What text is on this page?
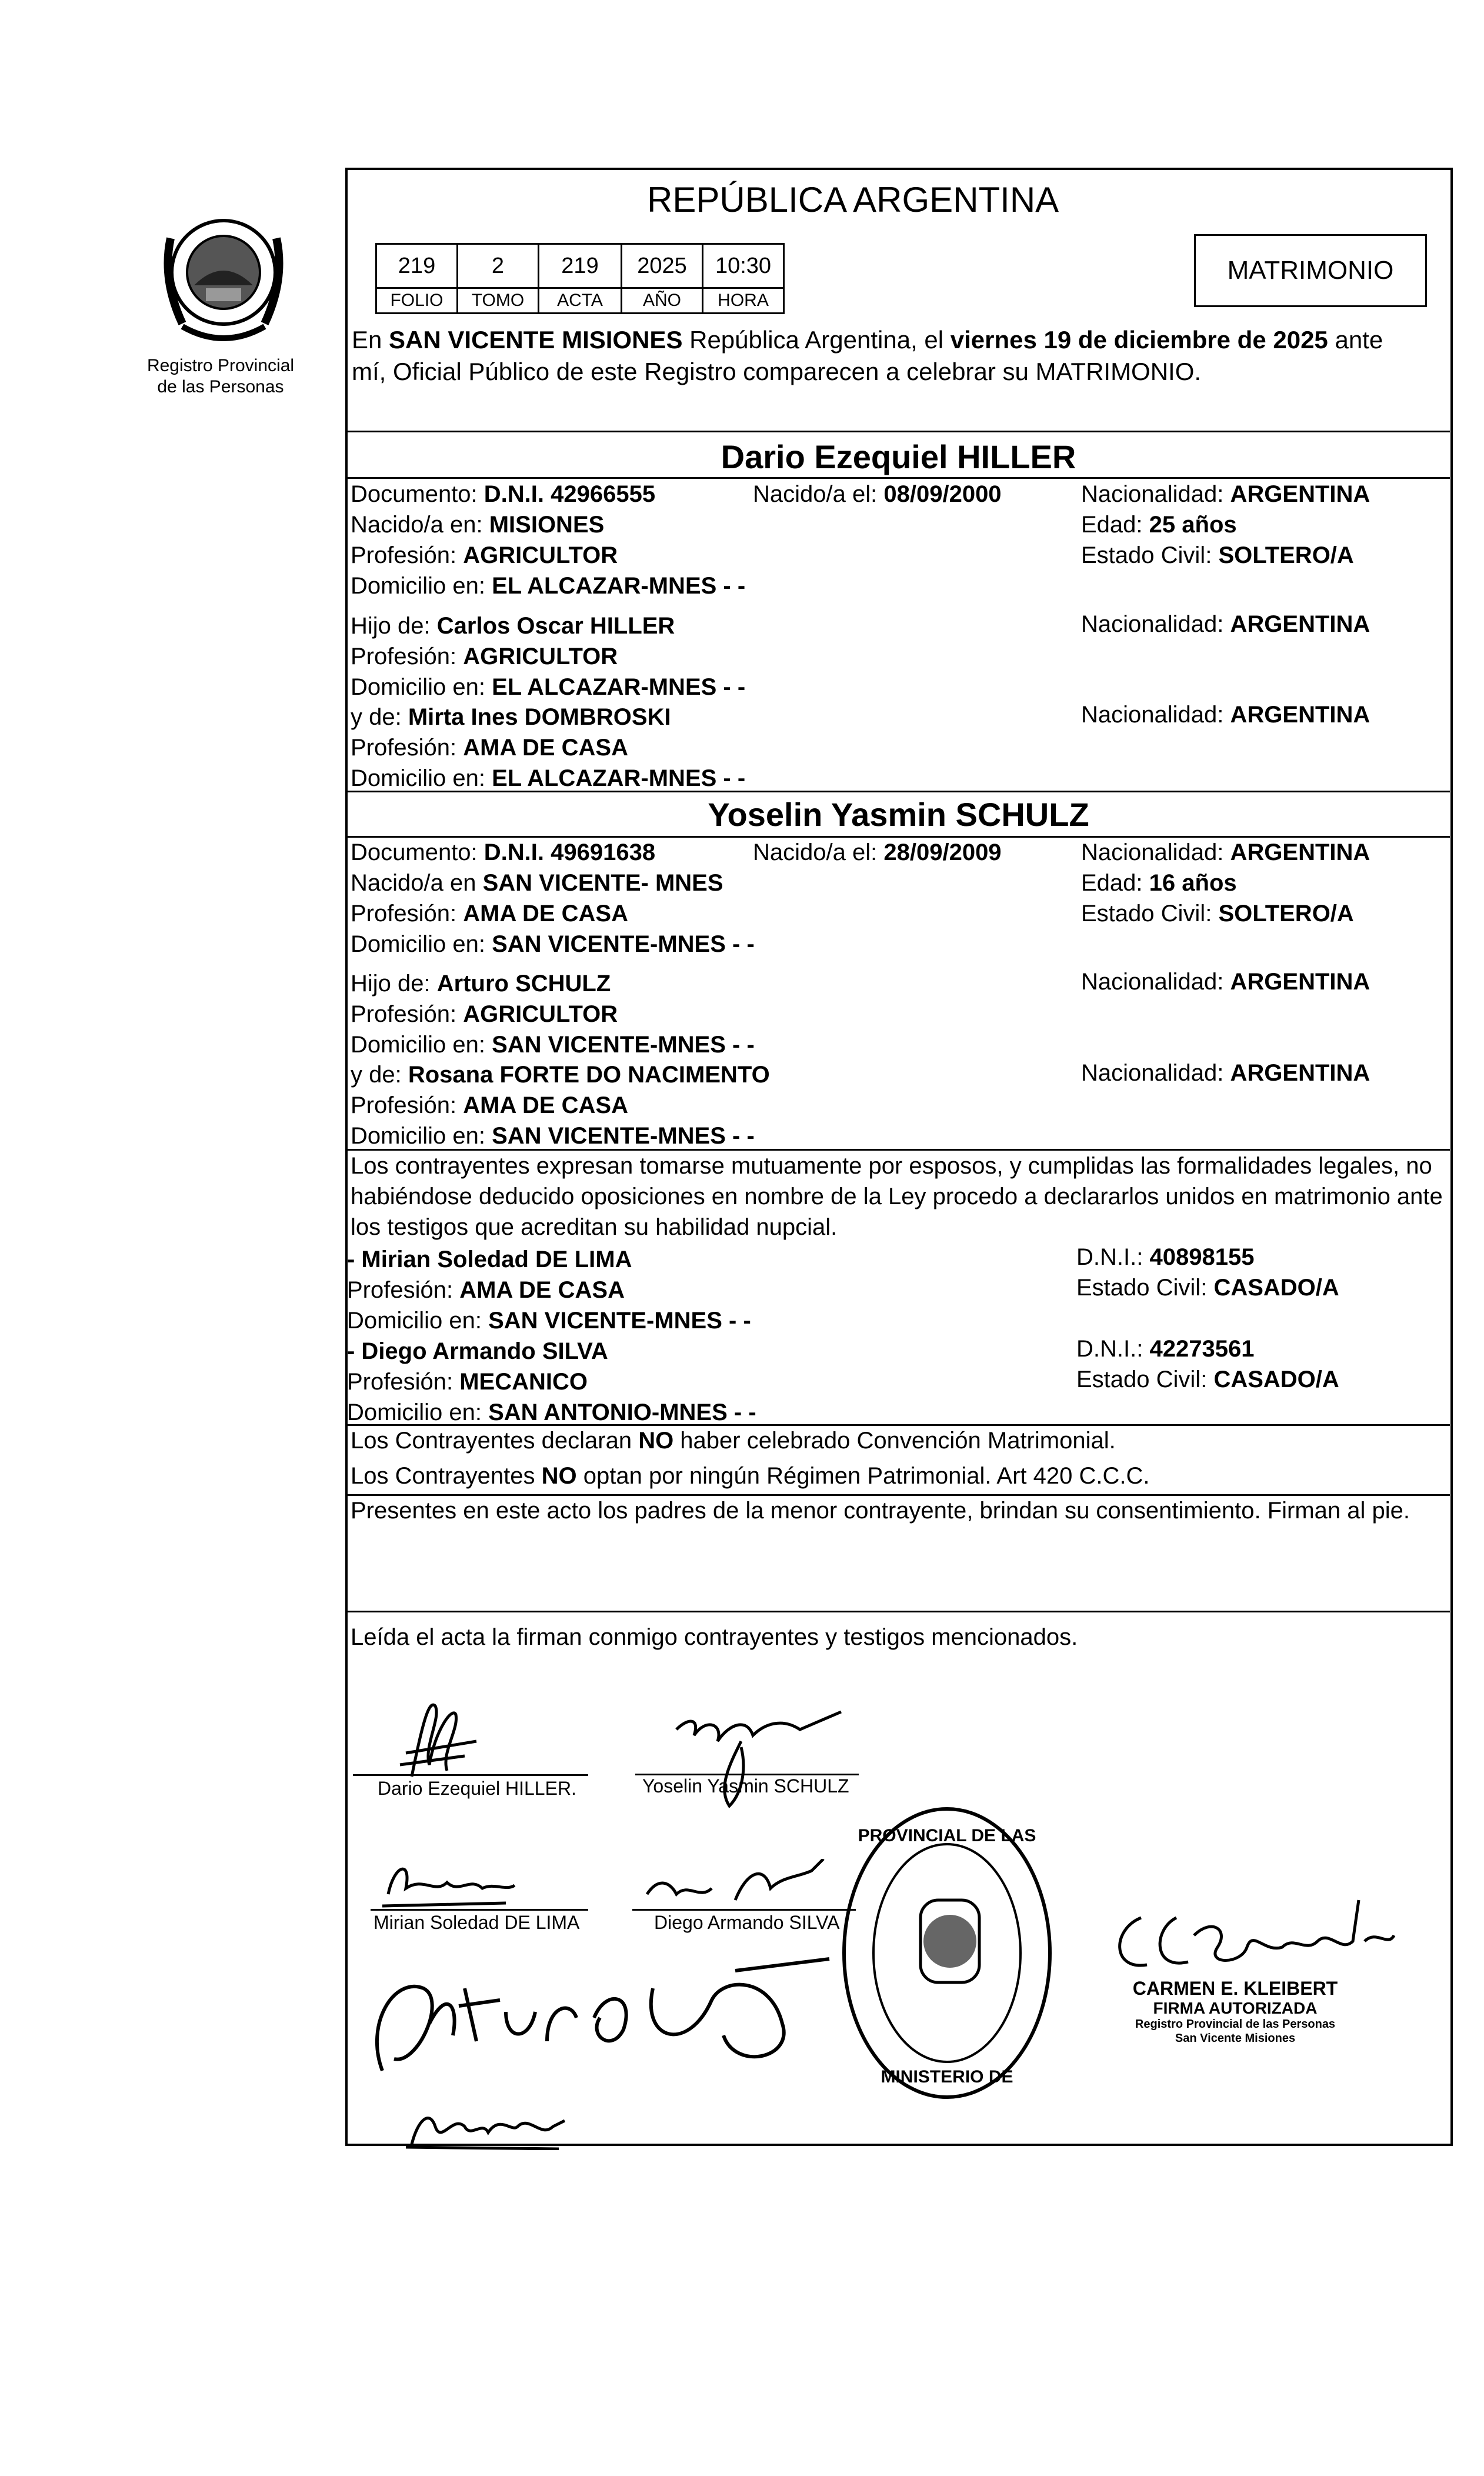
Registro Provincial
de las Personas
REPÚBLICA ARGENTINA
219	2	219	2025	10:30
FOLIO	TOMO	ACTA	AÑO	HORA
MATRIMONIO
En SAN VICENTE MISIONES República Argentina, el viernes 19 de diciembre de 2025 ante
mí, Oficial Público de este Registro comparecen a celebrar su MATRIMONIO.
Dario Ezequiel HILLER
Documento: D.N.I. 42966555	Nacido/a el: 08/09/2000	Nacionalidad: ARGENTINA
Nacido/a en: MISIONES	Edad: 25 años
Profesión: AGRICULTOR	Estado Civil: SOLTERO/A
Domicilio en: EL ALCAZAR-MNES - -
Hijo de: Carlos Oscar HILLER	Nacionalidad: ARGENTINA
Profesión: AGRICULTOR
Domicilio en: EL ALCAZAR-MNES - -
y de: Mirta Ines DOMBROSKI	Nacionalidad: ARGENTINA
Profesión: AMA DE CASA
Domicilio en: EL ALCAZAR-MNES - -
Yoselin Yasmin SCHULZ
Documento: D.N.I. 49691638	Nacido/a el: 28/09/2009	Nacionalidad: ARGENTINA
Nacido/a en SAN VICENTE- MNES	Edad: 16 años
Profesión: AMA DE CASA	Estado Civil: SOLTERO/A
Domicilio en: SAN VICENTE-MNES - -
Hijo de: Arturo SCHULZ	Nacionalidad: ARGENTINA
Profesión: AGRICULTOR
Domicilio en: SAN VICENTE-MNES - -
y de: Rosana FORTE DO NACIMENTO	Nacionalidad: ARGENTINA
Profesión: AMA DE CASA
Domicilio en: SAN VICENTE-MNES - -
Los contrayentes expresan tomarse mutuamente por esposos, y cumplidas las formalidades legales, no
habiéndose deducido oposiciones en nombre de la Ley procedo a declararlos unidos en matrimonio ante
los testigos que acreditan su habilidad nupcial.
- Mirian Soledad DE LIMA	D.N.I.: 40898155
Profesión: AMA DE CASA	Estado Civil: CASADO/A
Domicilio en: SAN VICENTE-MNES - -
- Diego Armando SILVA	D.N.I.: 42273561
Profesión: MECANICO	Estado Civil: CASADO/A
Domicilio en: SAN ANTONIO-MNES - -
Los Contrayentes declaran NO haber celebrado Convención Matrimonial.
Los Contrayentes NO optan por ningún Régimen Patrimonial. Art 420 C.C.C.
Presentes en este acto los padres de la menor contrayente, brindan su consentimiento. Firman al pie.
Leída el acta la firman conmigo contrayentes y testigos mencionados.
Dario Ezequiel HILLER.	Yoselin Yasmin SCHULZ
Mirian Soledad DE LIMA	Diego Armando SILVA
PROVINCIAL DE LAS
MINISTERIO DE
CARMEN E. KLEIBERT
FIRMA AUTORIZADA
Registro Provincial de las Personas
San Vicente Misiones
